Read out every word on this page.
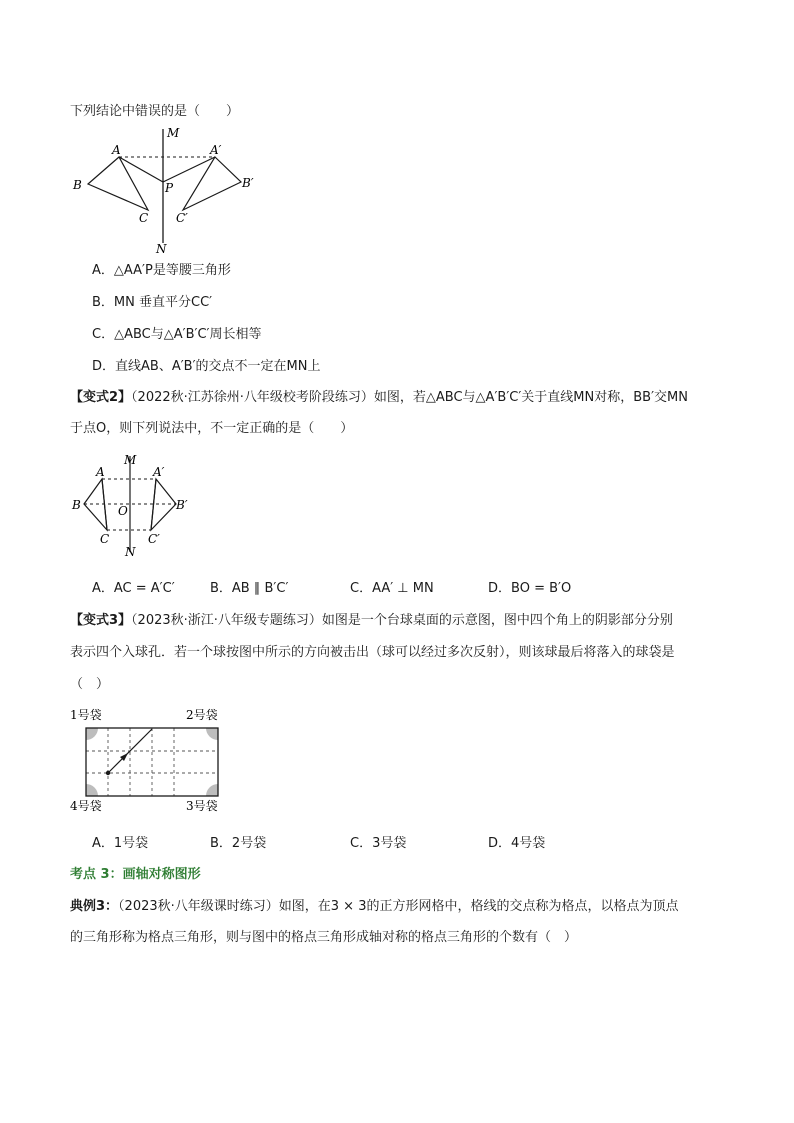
下列结论中错误的是（　　）
M
N
P
A
B
C
A′
B′
C′
A．△AA′P是等腰三角形
B．MN 垂直平分CC′
C．△ABC与△A′B′C′周长相等
D．直线AB、A′B′的交点不一定在MN上
【变式2】（2022秋·江苏徐州·八年级校考阶段练习）如图，若△ABC与△A′B′C′关于直线MN对称，BB′交MN
于点O，则下列说法中，不一定正确的是（　　）
M
N
O
A
B
C
A′
B′
C′
A．AC = A′C′	B．AB ∥ B′C′	C．AA′ ⊥ MN	D．BO = B′O
【变式3】（2023秋·浙江·八年级专题练习）如图是一个台球桌面的示意图，图中四个角上的阴影部分分别
表示四个入球孔．若一个球按图中所示的方向被击出（球可以经过多次反射），则该球最后将落入的球袋是
（　）
1号袋	2号袋
4号袋	3号袋
A．1号袋	B．2号袋	C．3号袋	D．4号袋
考点 3：画轴对称图形
典例3：（2023秋·八年级课时练习）如图，在3 × 3的正方形网格中，格线的交点称为格点，以格点为顶点
的三角形称为格点三角形，则与图中的格点三角形成轴对称的格点三角形的个数有（　）
